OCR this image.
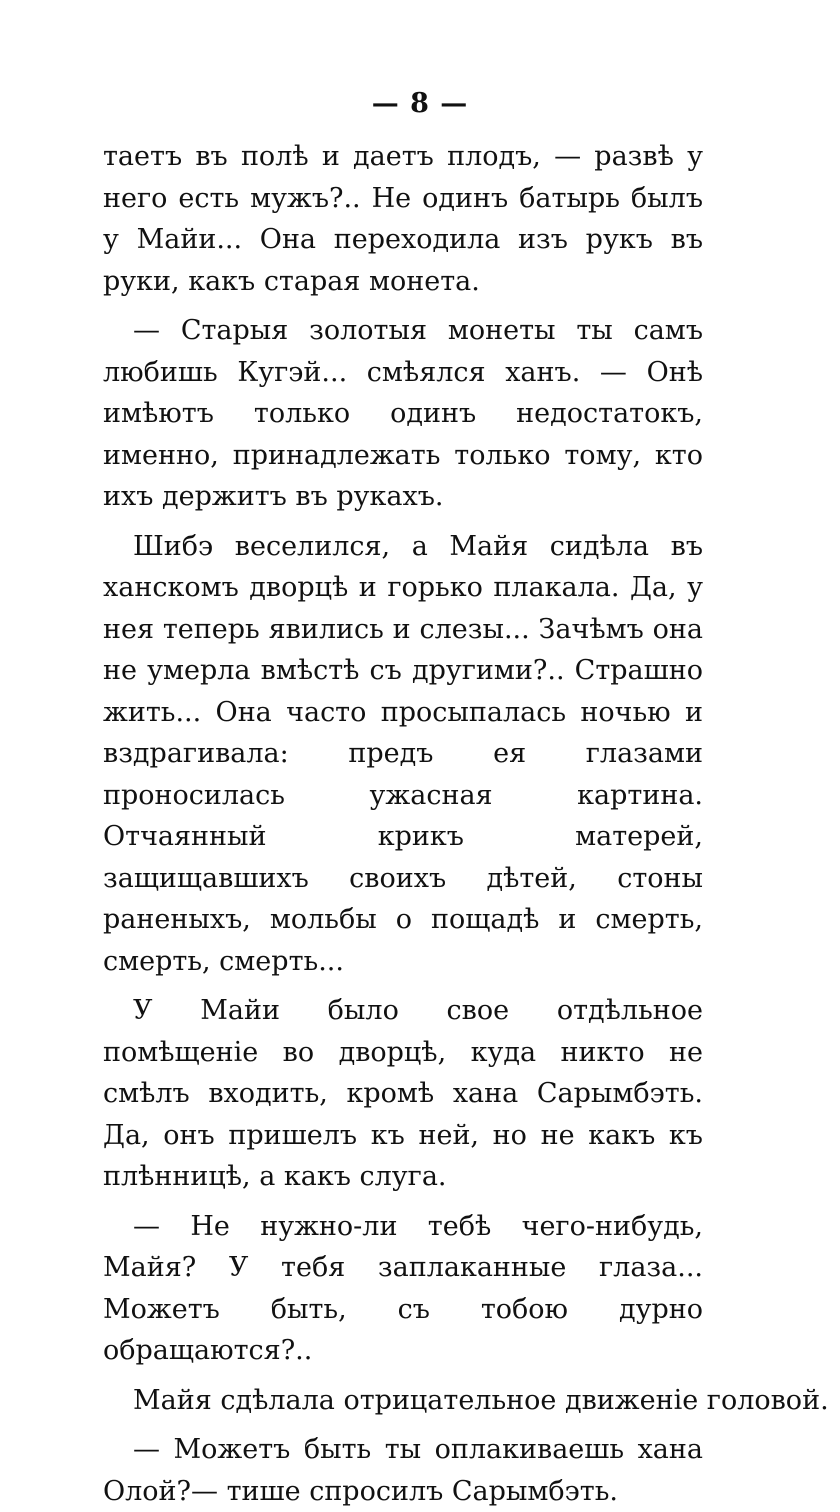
— 8 —

таетъ въ полѣ и даетъ плодъ, — развѣ у него есть мужъ?.. Не одинъ батырь былъ у Майи... Она переходила изъ рукъ въ руки, какъ старая монета.

— Старыя золотыя монеты ты самъ любишь Кугэй... смѣялся ханъ. — Онѣ имѣютъ только одинъ недостатокъ, именно, принадлежать только тому, кто ихъ держитъ въ рукахъ.

Шибэ веселился, а Майя сидѣла въ ханскомъ дворцѣ и горько плакала. Да, у нея теперь явились и слезы... Зачѣмъ она не умерла вмѣстѣ съ другими?.. Страшно жить... Она часто просыпалась ночью и вздрагивала: предъ ея глазами проносилась ужасная картина. Отчаянный крикъ матерей, защищавшихъ своихъ дѣтей, стоны раненыхъ, мольбы о пощадѣ и смерть, смерть, смерть...

У Майи было свое отдѣльное помѣщеніе во дворцѣ, куда никто не смѣлъ входить, кромѣ хана Сарымбэть. Да, онъ пришелъ къ ней, но не какъ къ плѣнницѣ, а какъ слуга.

— Не нужно-ли тебѣ чего-нибудь, Майя? У тебя заплаканные глаза... Можетъ быть, съ тобою дурно обращаются?..

Майя сдѣлала отрицательное движеніе головой.

— Можетъ быть ты оплакиваешь хана Олой?— тише спросилъ Сарымбэть.
